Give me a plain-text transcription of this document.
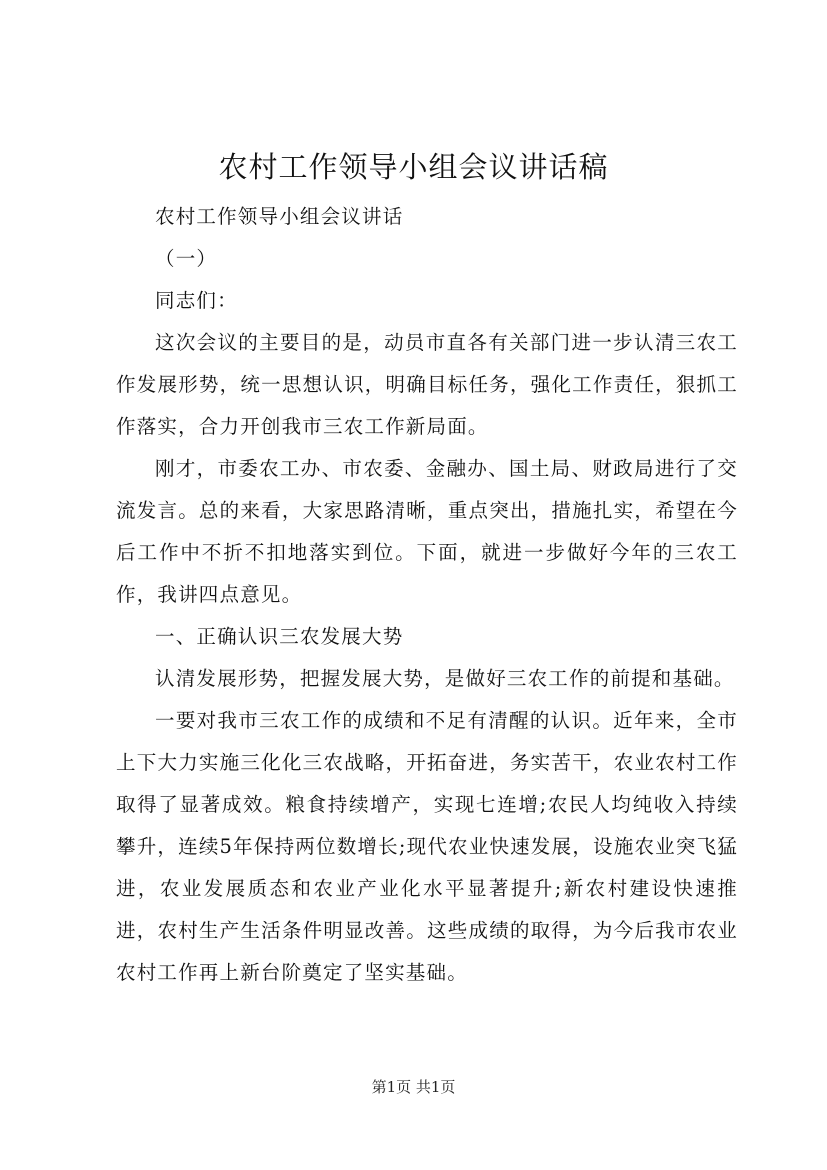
农村工作领导小组会议讲话稿

农村工作领导小组会议讲话

（一）

同志们：

这次会议的主要目的是，动员市直各有关部门进一步认清三农工作发展形势，统一思想认识，明确目标任务，强化工作责任，狠抓工作落实，合力开创我市三农工作新局面。

刚才，市委农工办、市农委、金融办、国土局、财政局进行了交流发言。总的来看，大家思路清晰，重点突出，措施扎实，希望在今后工作中不折不扣地落实到位。下面，就进一步做好今年的三农工作，我讲四点意见。

一、正确认识三农发展大势

认清发展形势，把握发展大势，是做好三农工作的前提和基础。

一要对我市三农工作的成绩和不足有清醒的认识。近年来，全市上下大力实施三化化三农战略，开拓奋进，务实苦干，农业农村工作取得了显著成效。粮食持续增产，实现七连增;农民人均纯收入持续攀升，连续5年保持两位数增长;现代农业快速发展，设施农业突飞猛进，农业发展质态和农业产业化水平显著提升;新农村建设快速推进，农村生产生活条件明显改善。这些成绩的取得，为今后我市农业农村工作再上新台阶奠定了坚实基础。

第1页 共1页
